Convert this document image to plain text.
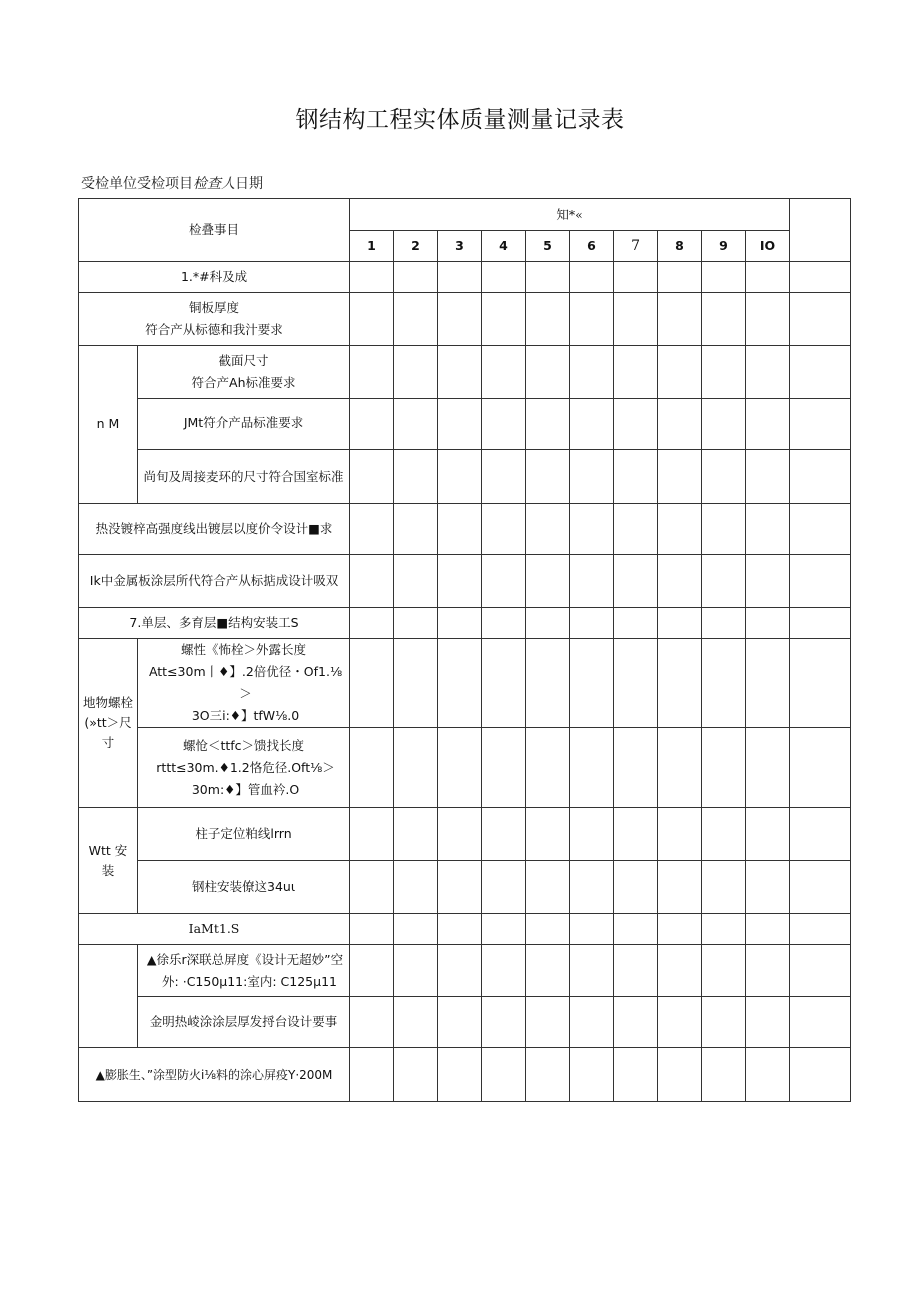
钢结构工程实体质量测量记录表
受检单位受检项目检查人日期
检叠事目		知*«										
		1	2	3	4	5	6	7	8	9	IO	
1.*#科及成												

铜板厚度
符合产从标德和我汁要求												

n M	截面尺寸
符合产Ah标准要求											

	JMt符介产品标准要求											
	尚旬及周接麦环的尺寸符合国室标准											
热没镀梓高强度线出镀层以度价令设计■求												
Ik中金属板涂层所代符合产从标掂成设计吸双												
7.单层、多育层■结构安装工S												
地物螺栓(»tt＞尺寸	螺性《怖栓＞外露长度
Att≤30m丨♦】.2倍优径・Of1.⅛＞
3O三i:♦】tfW⅛.0											

	螺怆＜ttfc＞馈找长度
rttt≤30m.♦1.2恪危径.Oft⅛＞
30m:♦】管血衿.O											

Wtt 安装	柱子定位粕线lrrn											
	钢柱安装僚这34uι											
IaMt1.S												

	▲徐乐r深联总屏度《设计无超妙”空
外: ·C150μ11:室内: C125μ11											

	金明热崚涂涂层厚发捋台设计要事											
▲膨胀生、”涂型防火i⅛料的涂心屏疫Y·200M												
